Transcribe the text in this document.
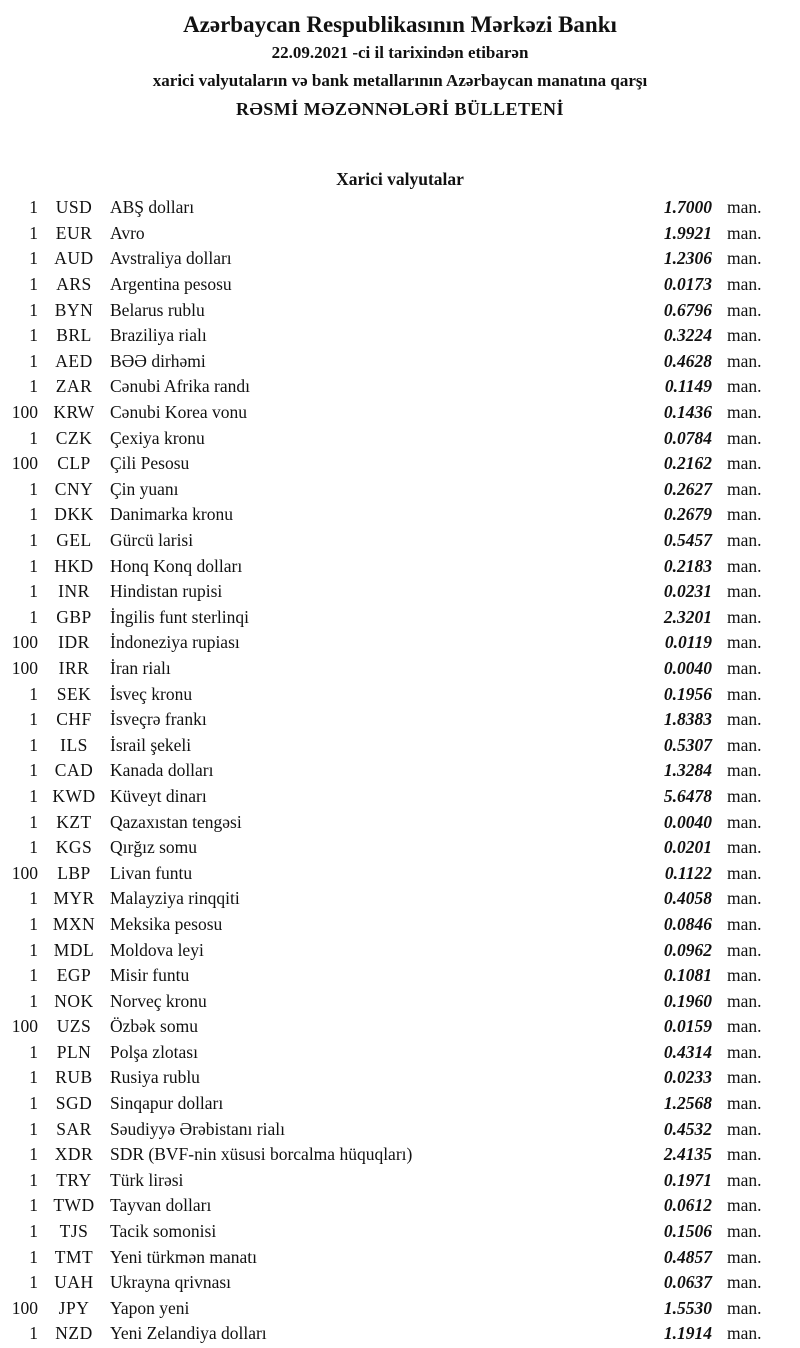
Azərbaycan Respublikasının Mərkəzi Bankı
22.09.2021 -ci il tarixindən etibarən
xarici valyutaların və bank metallarının Azərbaycan manatına qarşı
RƏSMİ MƏZƏNNƏLƏRİ BÜLLETENİ
Xarici valyutalar
1	USD	ABŞ dolları	1.7000 man.
1	EUR	Avro	1.9921 man.
1 AUD Avstraliya dolları	1.2306 man.
1	ARS	Argentina pesosu	0.0173 man.
1 BYN Belarus rublu	0.6796 man.
1	BRL	Braziliya rialı	0.3224 man.
1 AED BƏƏ dirhəmi	0.4628 man.
1	ZAR	Cənubi Afrika randı	0.1149 man.
100 KRW Cənubi Korea vonu	0.1436 man.
1	CZK	Çexiya kronu	0.0784 man.
100	CLP	Çili Pesosu	0.2162 man.
1 CNY Çin yuanı	0.2627 man.
1 DKK Danimarka kronu	0.2679 man.
1	GEL	Gürcü larisi	0.5457 man.
1 HKD Honq Konq dolları	0.2183 man.
1	INR	Hindistan rupisi	0.0231 man.
1	GBP	İngilis funt sterlinqi	2.3201 man.
100	IDR	İndoneziya rupiası	0.0119 man.
100	IRR	İran rialı	0.0040 man.
1	SEK	İsveç kronu	0.1956 man.
1	CHF	İsveçrə frankı	1.8383 man.
1	ILS	İsrail şekeli	0.5307 man.
1 CAD Kanada dolları	1.3284 man.
1 KWD Küveyt dinarı	5.6478 man.
1	KZT	Qazaxıstan tengəsi	0.0040 man.
1	KGS	Qırğız somu	0.0201 man.
100	LBP	Livan funtu	0.1122 man.
1 MYR Malayziya rinqqiti	0.4058 man.
1 MXN Meksika pesosu	0.0846 man.
1 MDL Moldova leyi	0.0962 man.
1	EGP	Misir funtu	0.1081 man.
1 NOK Norveç kronu	0.1960 man.
100	UZS	Özbək somu	0.0159 man.
1	PLN	Polşa zlotası	0.4314 man.
1 RUB Rusiya rublu	0.0233 man.
1	SGD	Sinqapur dolları	1.2568 man.
1	SAR	Səudiyyə Ərəbistanı rialı	0.4532 man.
1 XDR SDR (BVF-nin xüsusi borcalma hüquqları)	2.4135 man.
1	TRY	Türk lirəsi	0.1971 man.
1 TWD Tayvan dolları	0.0612 man.
1	TJS	Tacik somonisi	0.1506 man.
1 TMT Yeni türkmən manatı	0.4857 man.
1 UAH Ukrayna qrivnası	0.0637 man.
100	JPY	Yapon yeni	1.5530 man.
1 NZD Yeni Zelandiya dolları	1.1914 man.
